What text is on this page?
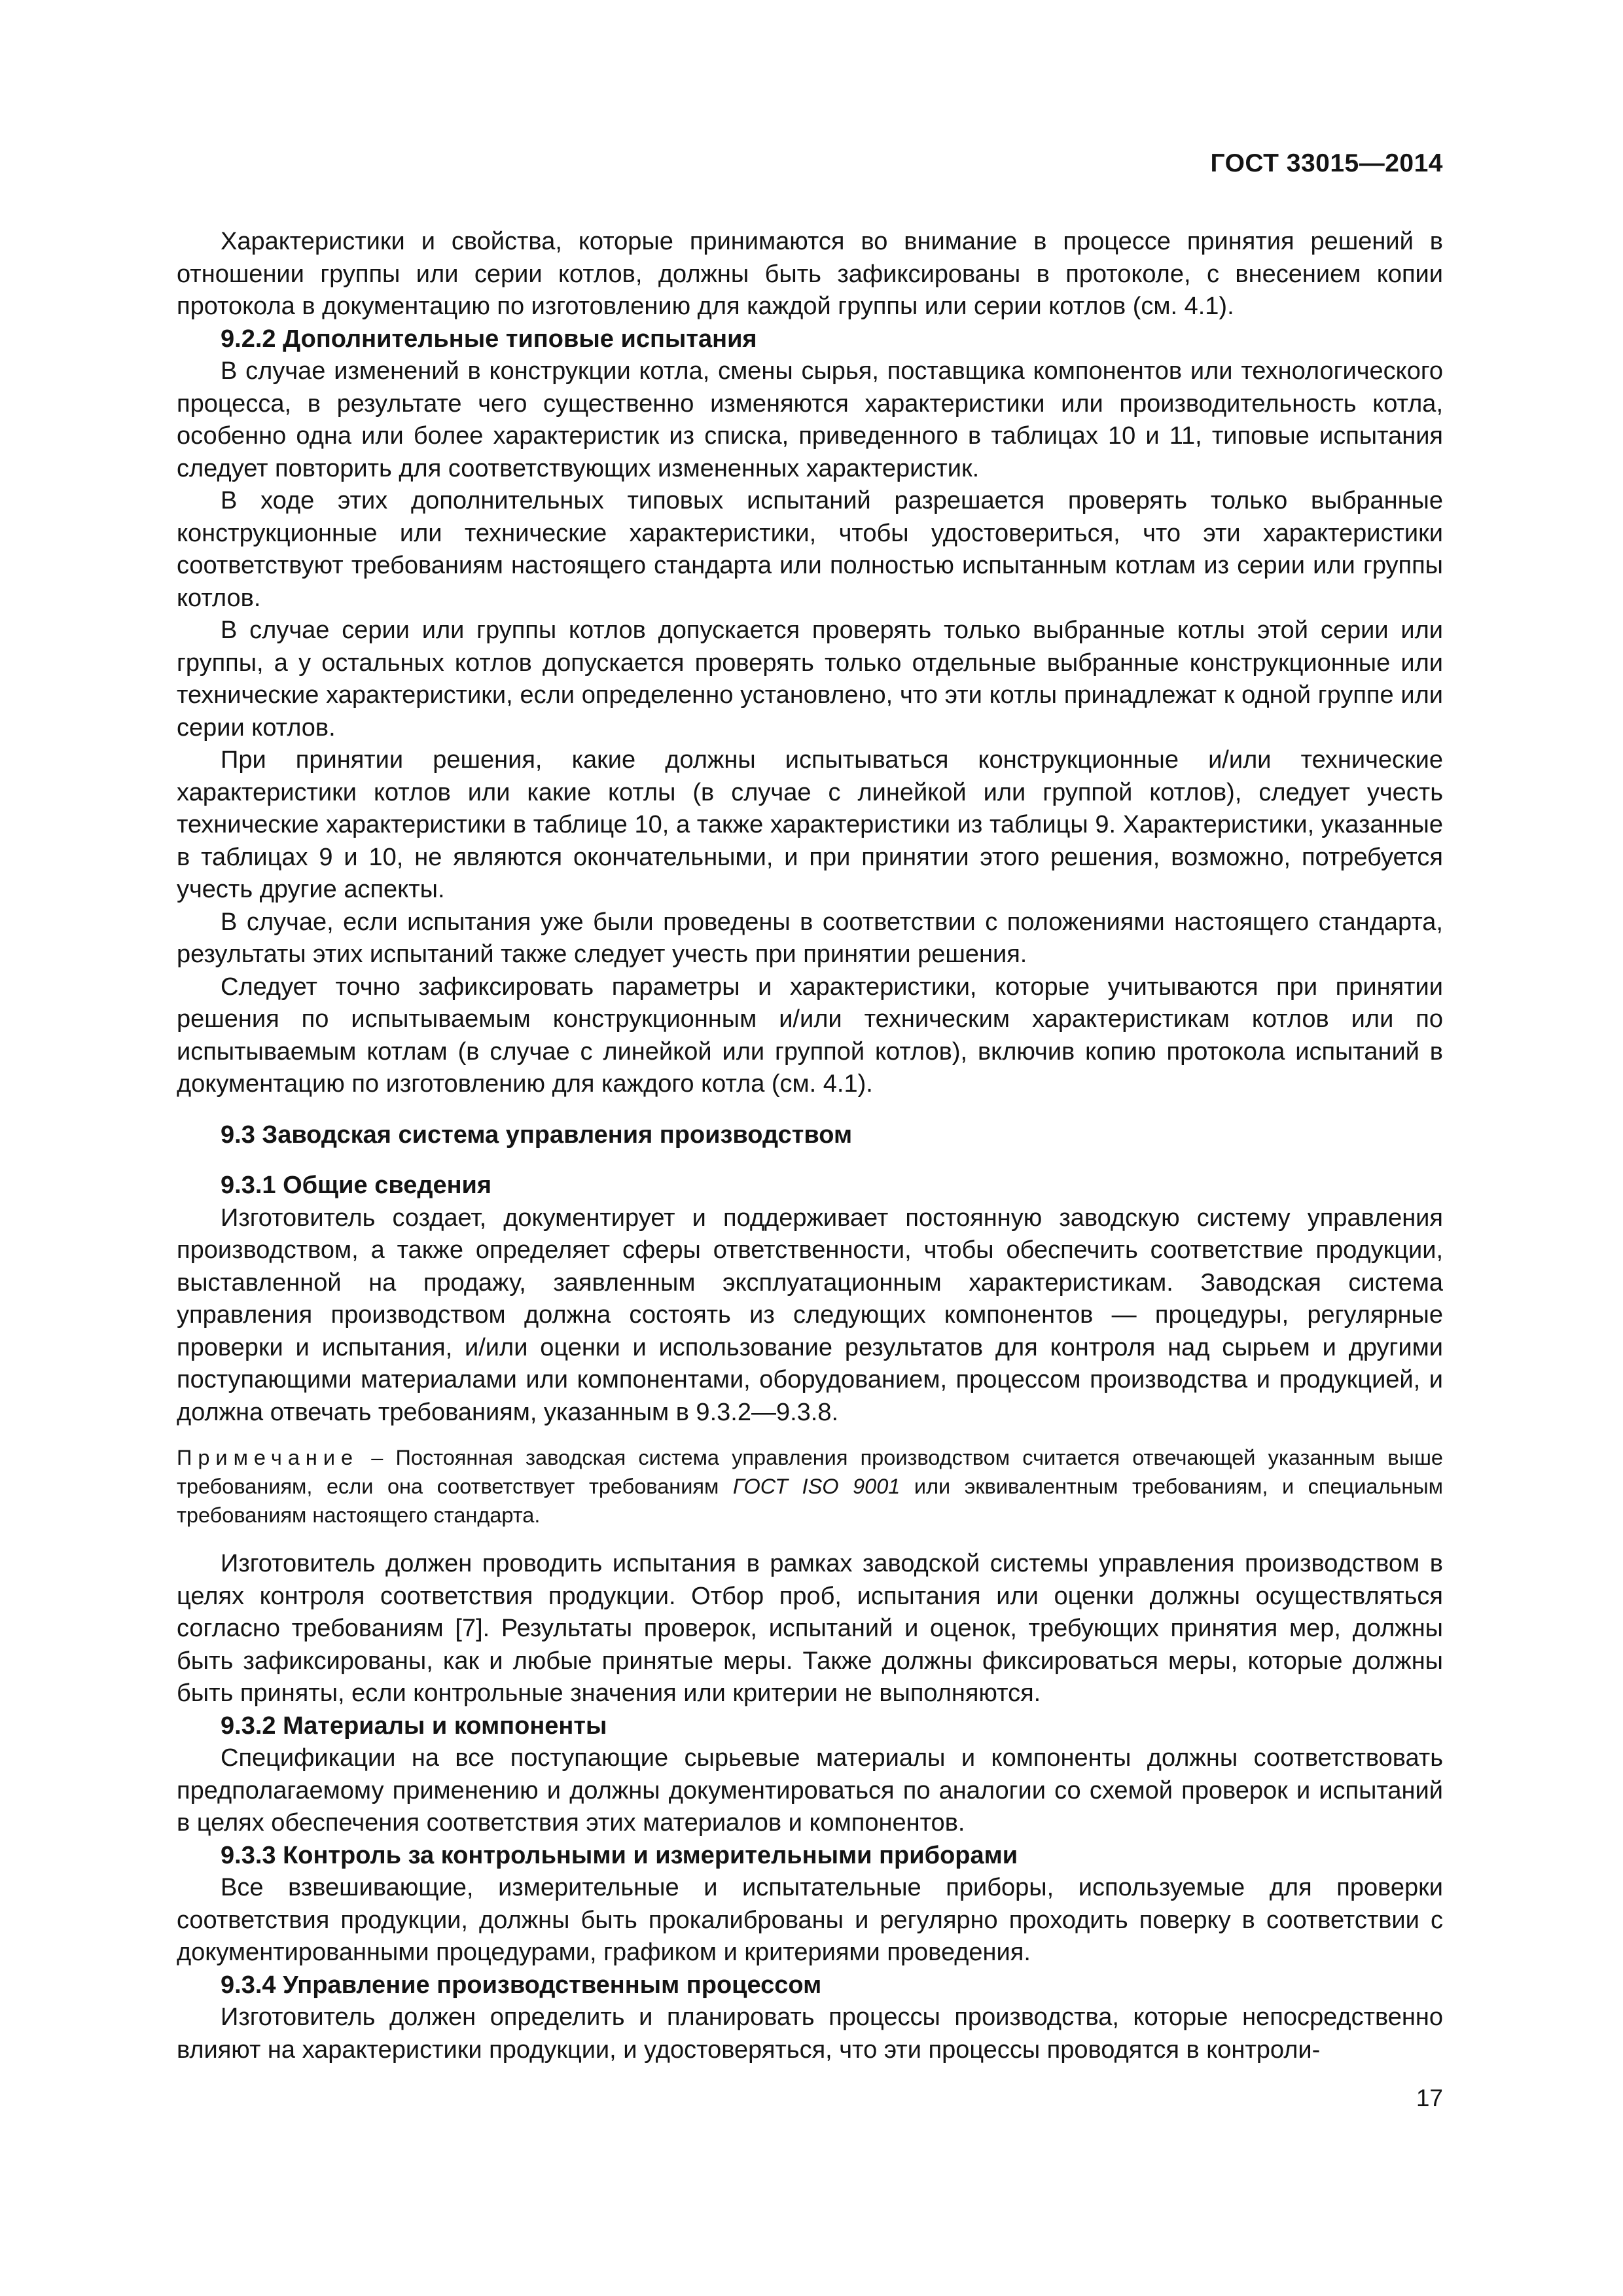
ГОСТ 33015—2014

Характеристики и свойства, которые принимаются во внимание в процессе принятия решений в отношении группы или серии котлов, должны быть зафиксированы в протоколе, с внесением копии протокола в документацию по изготовлению для каждой группы или серии котлов (см. 4.1).

9.2.2 Дополнительные типовые испытания

В случае изменений в конструкции котла, смены сырья, поставщика компонентов или технологического процесса, в результате чего существенно изменяются характеристики или производительность котла, особенно одна или более характеристик из списка, приведенного в таблицах 10 и 11, типовые испытания следует повторить для соответствующих измененных характеристик.

В ходе этих дополнительных типовых испытаний разрешается проверять только выбранные конструкционные или технические характеристики, чтобы удостовериться, что эти характеристики соответствуют требованиям настоящего стандарта или полностью испытанным котлам из серии или группы котлов.

В случае серии или группы котлов допускается проверять только выбранные котлы этой серии или группы, а у остальных котлов допускается проверять только отдельные выбранные конструкционные или технические характеристики, если определенно установлено, что эти котлы принадлежат к одной группе или серии котлов.

При принятии решения, какие должны испытываться конструкционные и/или технические характеристики котлов или какие котлы (в случае с линейкой или группой котлов), следует учесть технические характеристики в таблице 10, а также характеристики из таблицы 9. Характеристики, указанные в таблицах 9 и 10, не являются окончательными, и при принятии этого решения, возможно, потребуется учесть другие аспекты.

В случае, если испытания уже были проведены в соответствии с положениями настоящего стандарта, результаты этих испытаний также следует учесть при принятии решения.

Следует точно зафиксировать параметры и характеристики, которые учитываются при принятии решения по испытываемым конструкционным и/или техническим характеристикам котлов или по испытываемым котлам (в случае с линейкой или группой котлов), включив копию протокола испытаний в документацию по изготовлению для каждого котла (см. 4.1).

9.3 Заводская система управления производством

9.3.1 Общие сведения

Изготовитель создает, документирует и поддерживает постоянную заводскую систему управления производством, а также определяет сферы ответственности, чтобы обеспечить соответствие продукции, выставленной на продажу, заявленным эксплуатационным характеристикам. Заводская система управления производством должна состоять из следующих компонентов — процедуры, регулярные проверки и испытания, и/или оценки и использование результатов для контроля над сырьем и другими поступающими материалами или компонентами, оборудованием, процессом производства и продукцией, и должна отвечать требованиям, указанным в 9.3.2—9.3.8.

Примечание – Постоянная заводская система управления производством считается отвечающей указанным выше требованиям, если она соответствует требованиям ГОСТ ISO 9001 или эквивалентным требованиям, и специальным требованиям настоящего стандарта.

Изготовитель должен проводить испытания в рамках заводской системы управления производством в целях контроля соответствия продукции. Отбор проб, испытания или оценки должны осуществляться согласно требованиям [7]. Результаты проверок, испытаний и оценок, требующих принятия мер, должны быть зафиксированы, как и любые принятые меры. Также должны фиксироваться меры, которые должны быть приняты, если контрольные значения или критерии не выполняются.

9.3.2 Материалы и компоненты

Спецификации на все поступающие сырьевые материалы и компоненты должны соответствовать предполагаемому применению и должны документироваться по аналогии со схемой проверок и испытаний в целях обеспечения соответствия этих материалов и компонентов.

9.3.3 Контроль за контрольными и измерительными приборами

Все взвешивающие, измерительные и испытательные приборы, используемые для проверки соответствия продукции, должны быть прокалиброваны и регулярно проходить поверку в соответствии с документированными процедурами, графиком и критериями проведения.

9.3.4 Управление производственным процессом

Изготовитель должен определить и планировать процессы производства, которые непосредственно влияют на характеристики продукции, и удостоверяться, что эти процессы проводятся в контроли-

17
